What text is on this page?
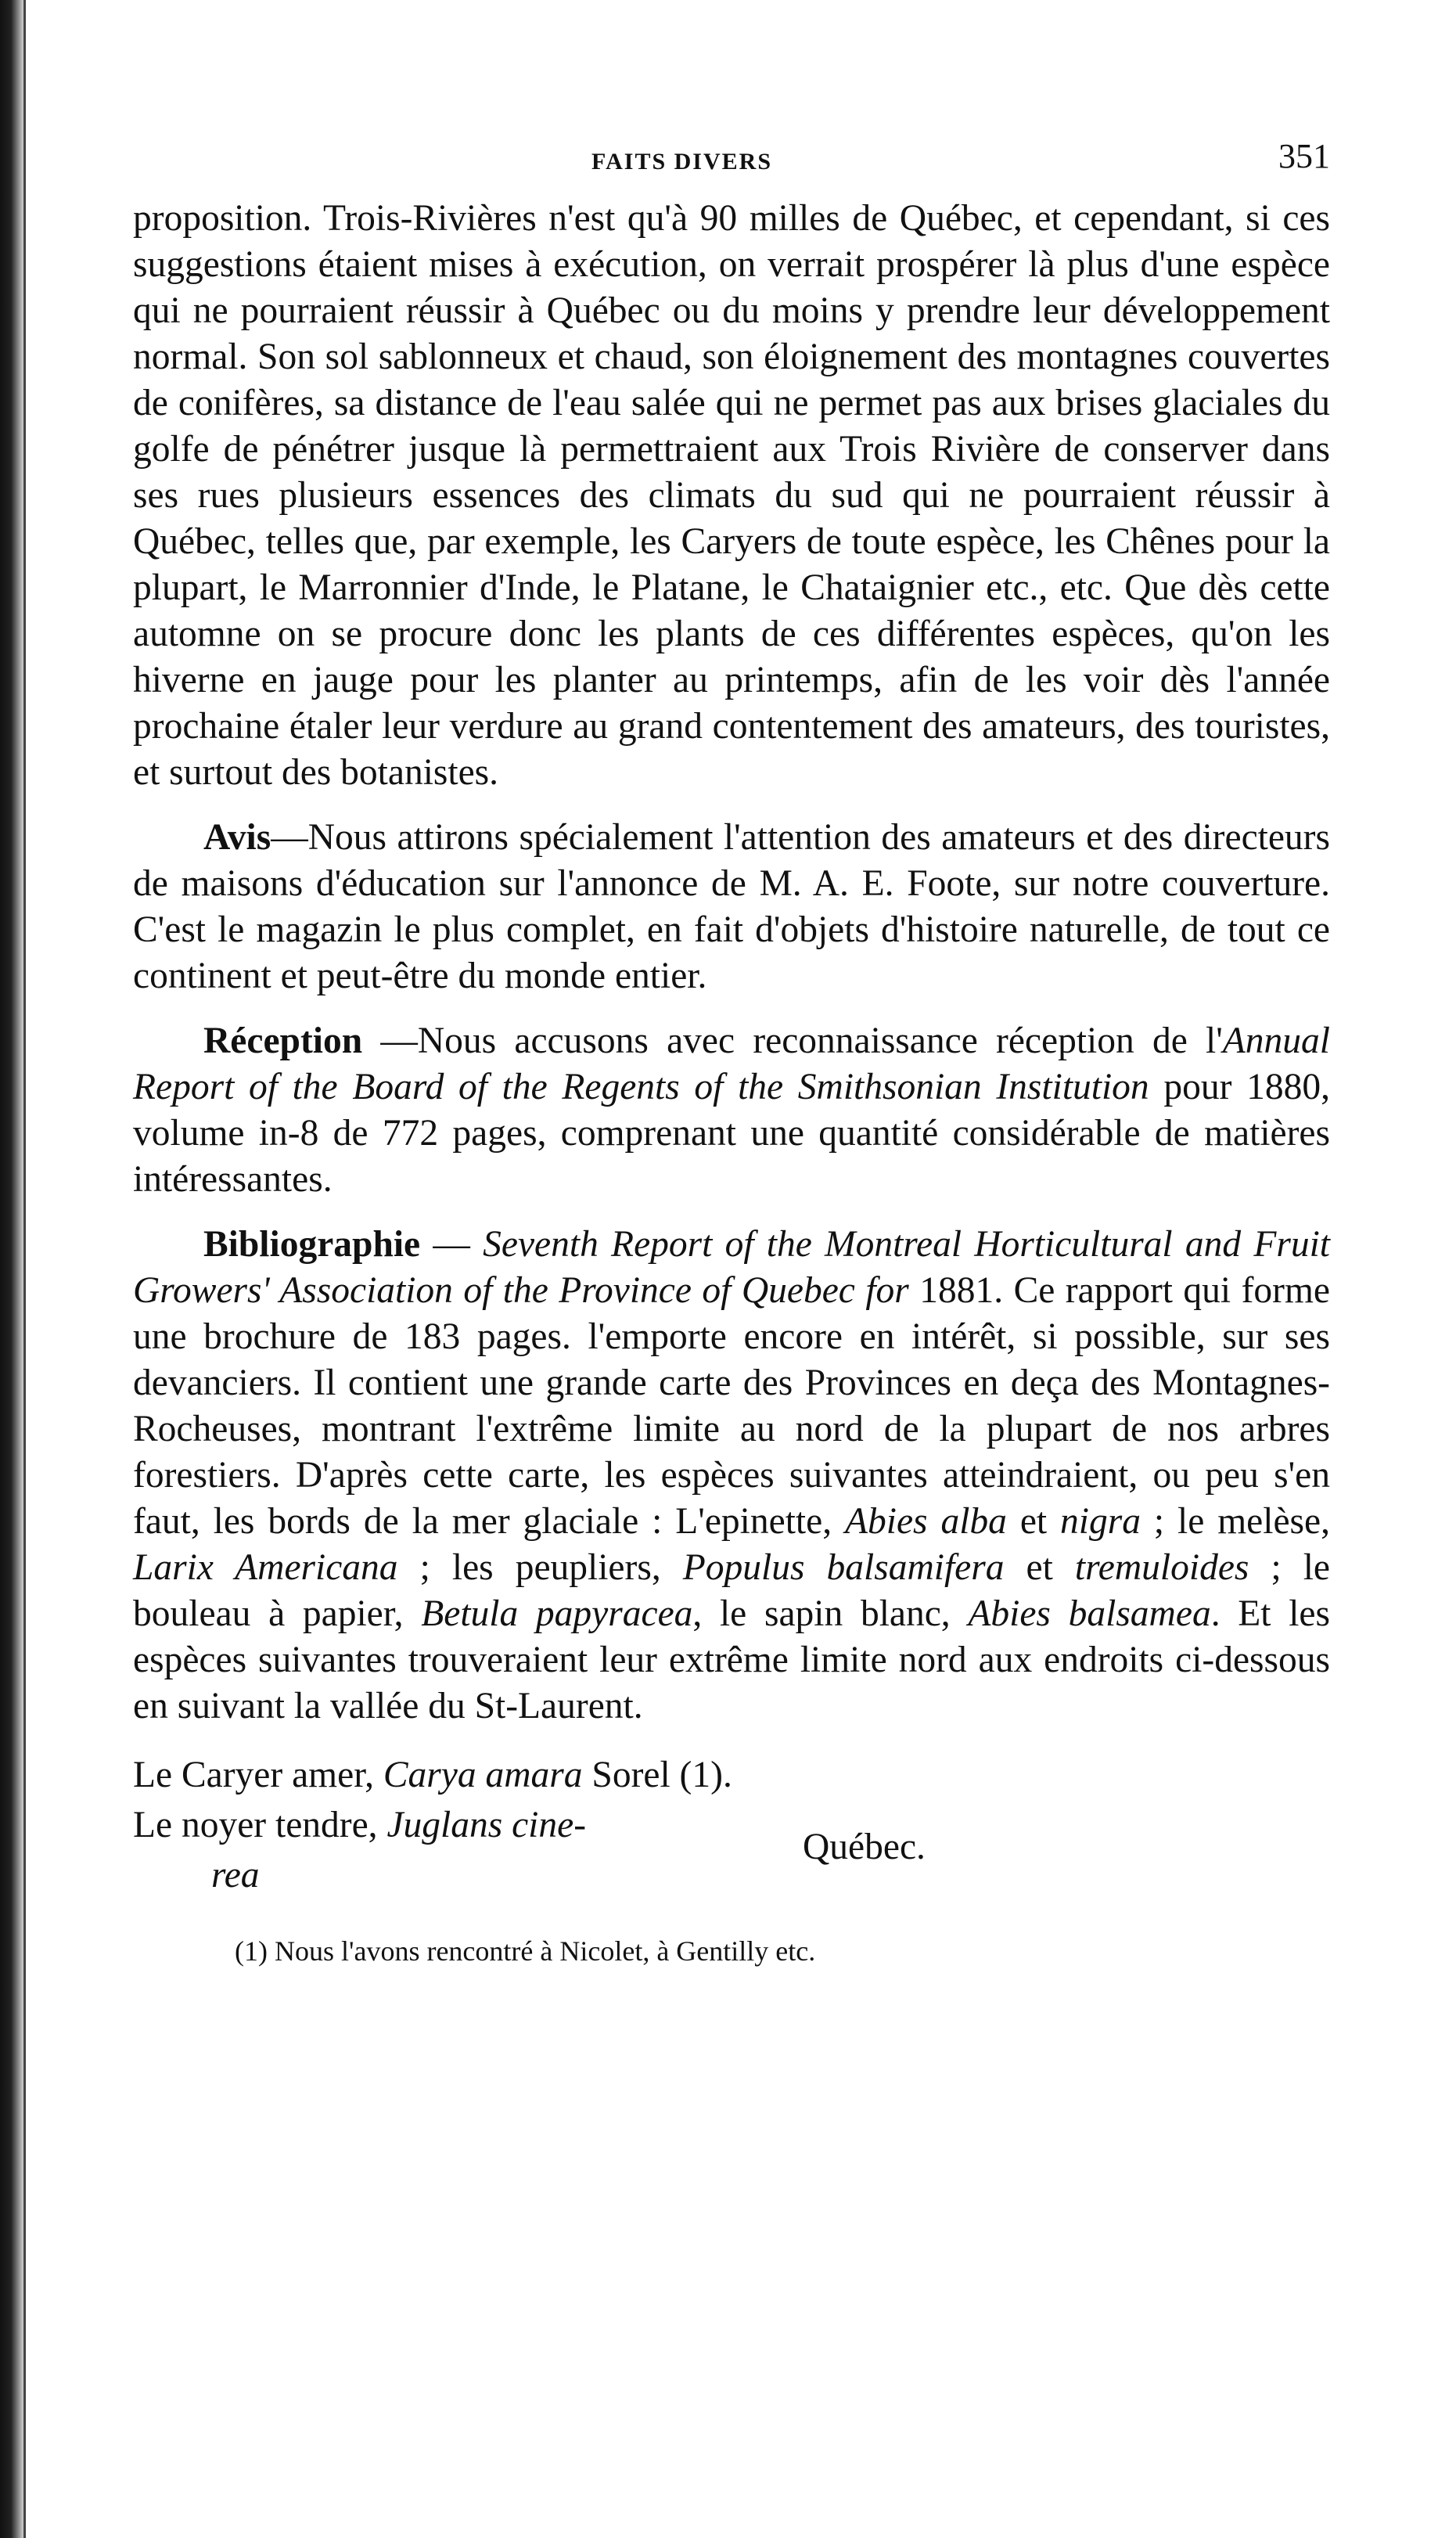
FAITS DIVERS	351

proposition. Trois-Rivières n'est qu'à 90 milles de Québec, et cependant, si ces suggestions étaient mises à exécution, on verrait prospérer là plus d'une espèce qui ne pourraient réussir à Québec ou du moins y prendre leur développement normal. Son sol sablonneux et chaud, son éloignement des montagnes couvertes de conifères, sa distance de l'eau salée qui ne permet pas aux brises glaciales du golfe de pénétrer jusque là permettraient aux Trois Rivière de conserver dans ses rues plusieurs essences des climats du sud qui ne pourraient réussir à Québec, telles que, par exemple, les Caryers de toute espèce, les Chênes pour la plupart, le Marronnier d'Inde, le Platane, le Chataignier etc., etc. Que dès cette automne on se procure donc les plants de ces différentes espèces, qu'on les hiverne en jauge pour les planter au printemps, afin de les voir dès l'année prochaine étaler leur verdure au grand contentement des amateurs, des touristes, et surtout des botanistes.

Avis—Nous attirons spécialement l'attention des amateurs et des directeurs de maisons d'éducation sur l'annonce de M. A. E. Foote, sur notre couverture. C'est le magazin le plus complet, en fait d'objets d'histoire naturelle, de tout ce continent et peut-être du monde entier.

Réception —Nous accusons avec reconnaissance réception de l'Annual Report of the Board of the Regents of the Smithsonian Institution pour 1880, volume in-8 de 772 pages, comprenant une quantité considérable de matières intéressantes.

Bibliographie — Seventh Report of the Montreal Horticultural and Fruit Growers' Association of the Province of Quebec for 1881. Ce rapport qui forme une brochure de 183 pages. l'emporte encore en intérêt, si possible, sur ses devanciers. Il contient une grande carte des Provinces en deça des Montagnes-Rocheuses, montrant l'extrême limite au nord de la plupart de nos arbres forestiers. D'après cette carte, les espèces suivantes atteindraient, ou peu s'en faut, les bords de la mer glaciale : L'epinette, Abies alba et nigra ; le melèse, Larix Americana ; les peupliers, Populus balsamifera et tremuloides ; le bouleau à papier, Betula papyracea, le sapin blanc, Abies balsamea. Et les espèces suivantes trouveraient leur extrême limite nord aux endroits ci-dessous en suivant la vallée du St-Laurent.

Le Caryer amer, Carya amara Sorel (1).
Le noyer tendre, Juglans cine-
rea
Québec.
(1) Nous l'avons rencontré à Nicolet, à Gentilly etc.
